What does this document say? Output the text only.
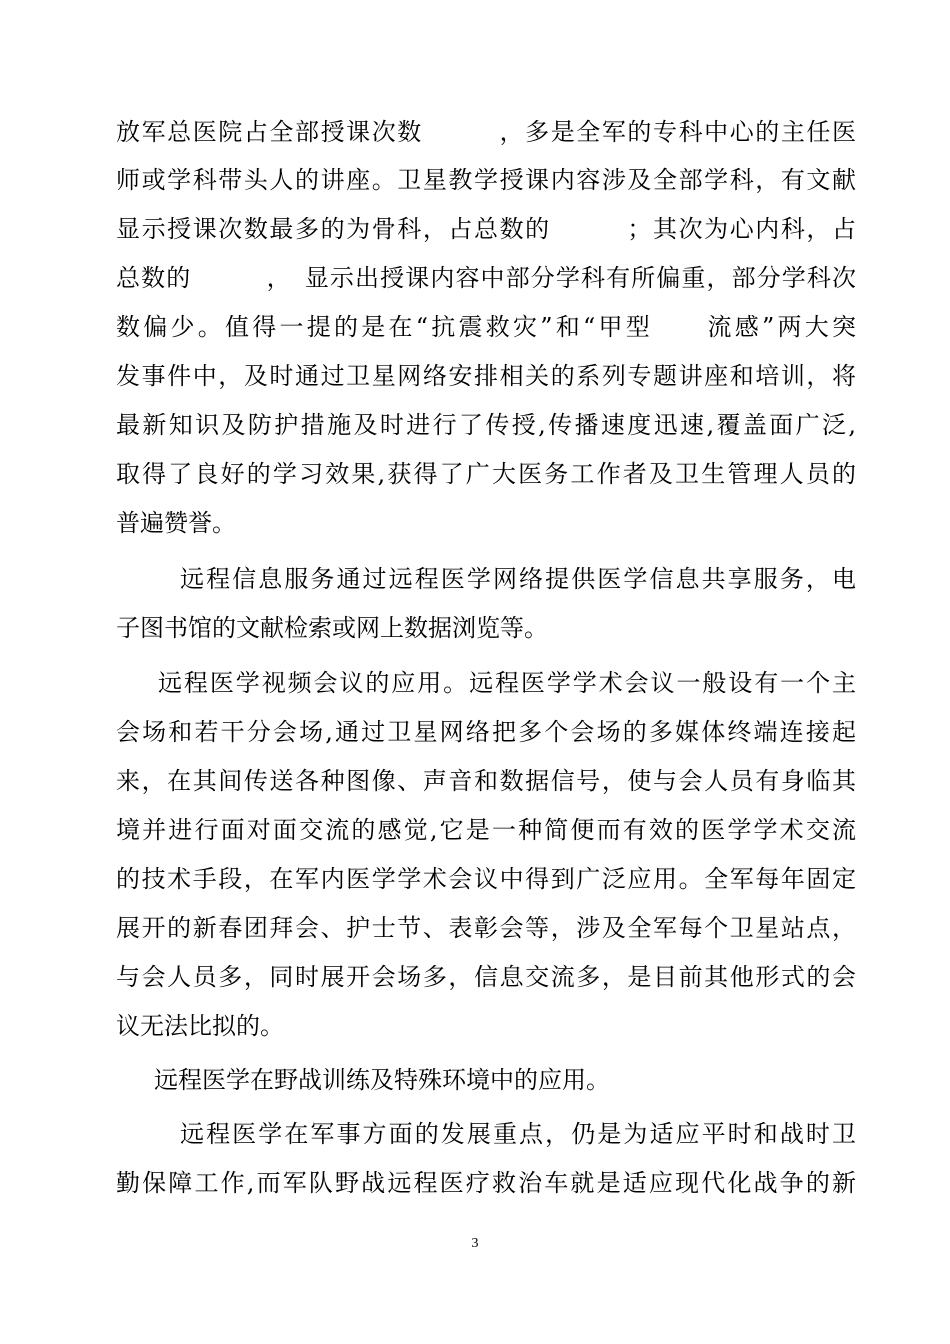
放军总医院占全部授课次数　　　，多是全军的专科中心的主任医
师或学科带头人的讲座。卫星教学授课内容涉及全部学科，有文献
显示授课次数最多的为骨科，占总数的　　　；其次为心内科，占
总数的　　　，　显示出授课内容中部分学科有所偏重，部分学科次
数偏少。值得一提的是在“抗震救灾”和“甲型　　流感”两大突
发事件中，及时通过卫星网络安排相关的系列专题讲座和培训，将
最新知识及防护措施及时进行了传授,传播速度迅速,覆盖面广泛,
取得了良好的学习效果,获得了广大医务工作者及卫生管理人员的
普遍赞誉。
远程信息服务通过远程医学网络提供医学信息共享服务，电
子图书馆的文献检索或网上数据浏览等。
远程医学视频会议的应用。远程医学学术会议一般设有一个主
会场和若干分会场,通过卫星网络把多个会场的多媒体终端连接起
来，在其间传送各种图像、声音和数据信号，使与会人员有身临其
境并进行面对面交流的感觉,它是一种简便而有效的医学学术交流
的技术手段，在军内医学学术会议中得到广泛应用。全军每年固定
展开的新春团拜会、护士节、表彰会等，涉及全军每个卫星站点，
与会人员多，同时展开会场多，信息交流多，是目前其他形式的会
议无法比拟的。
远程医学在野战训练及特殊环境中的应用。
远程医学在军事方面的发展重点，仍是为适应平时和战时卫
勤保障工作,而军队野战远程医疗救治车就是适应现代化战争的新
3
